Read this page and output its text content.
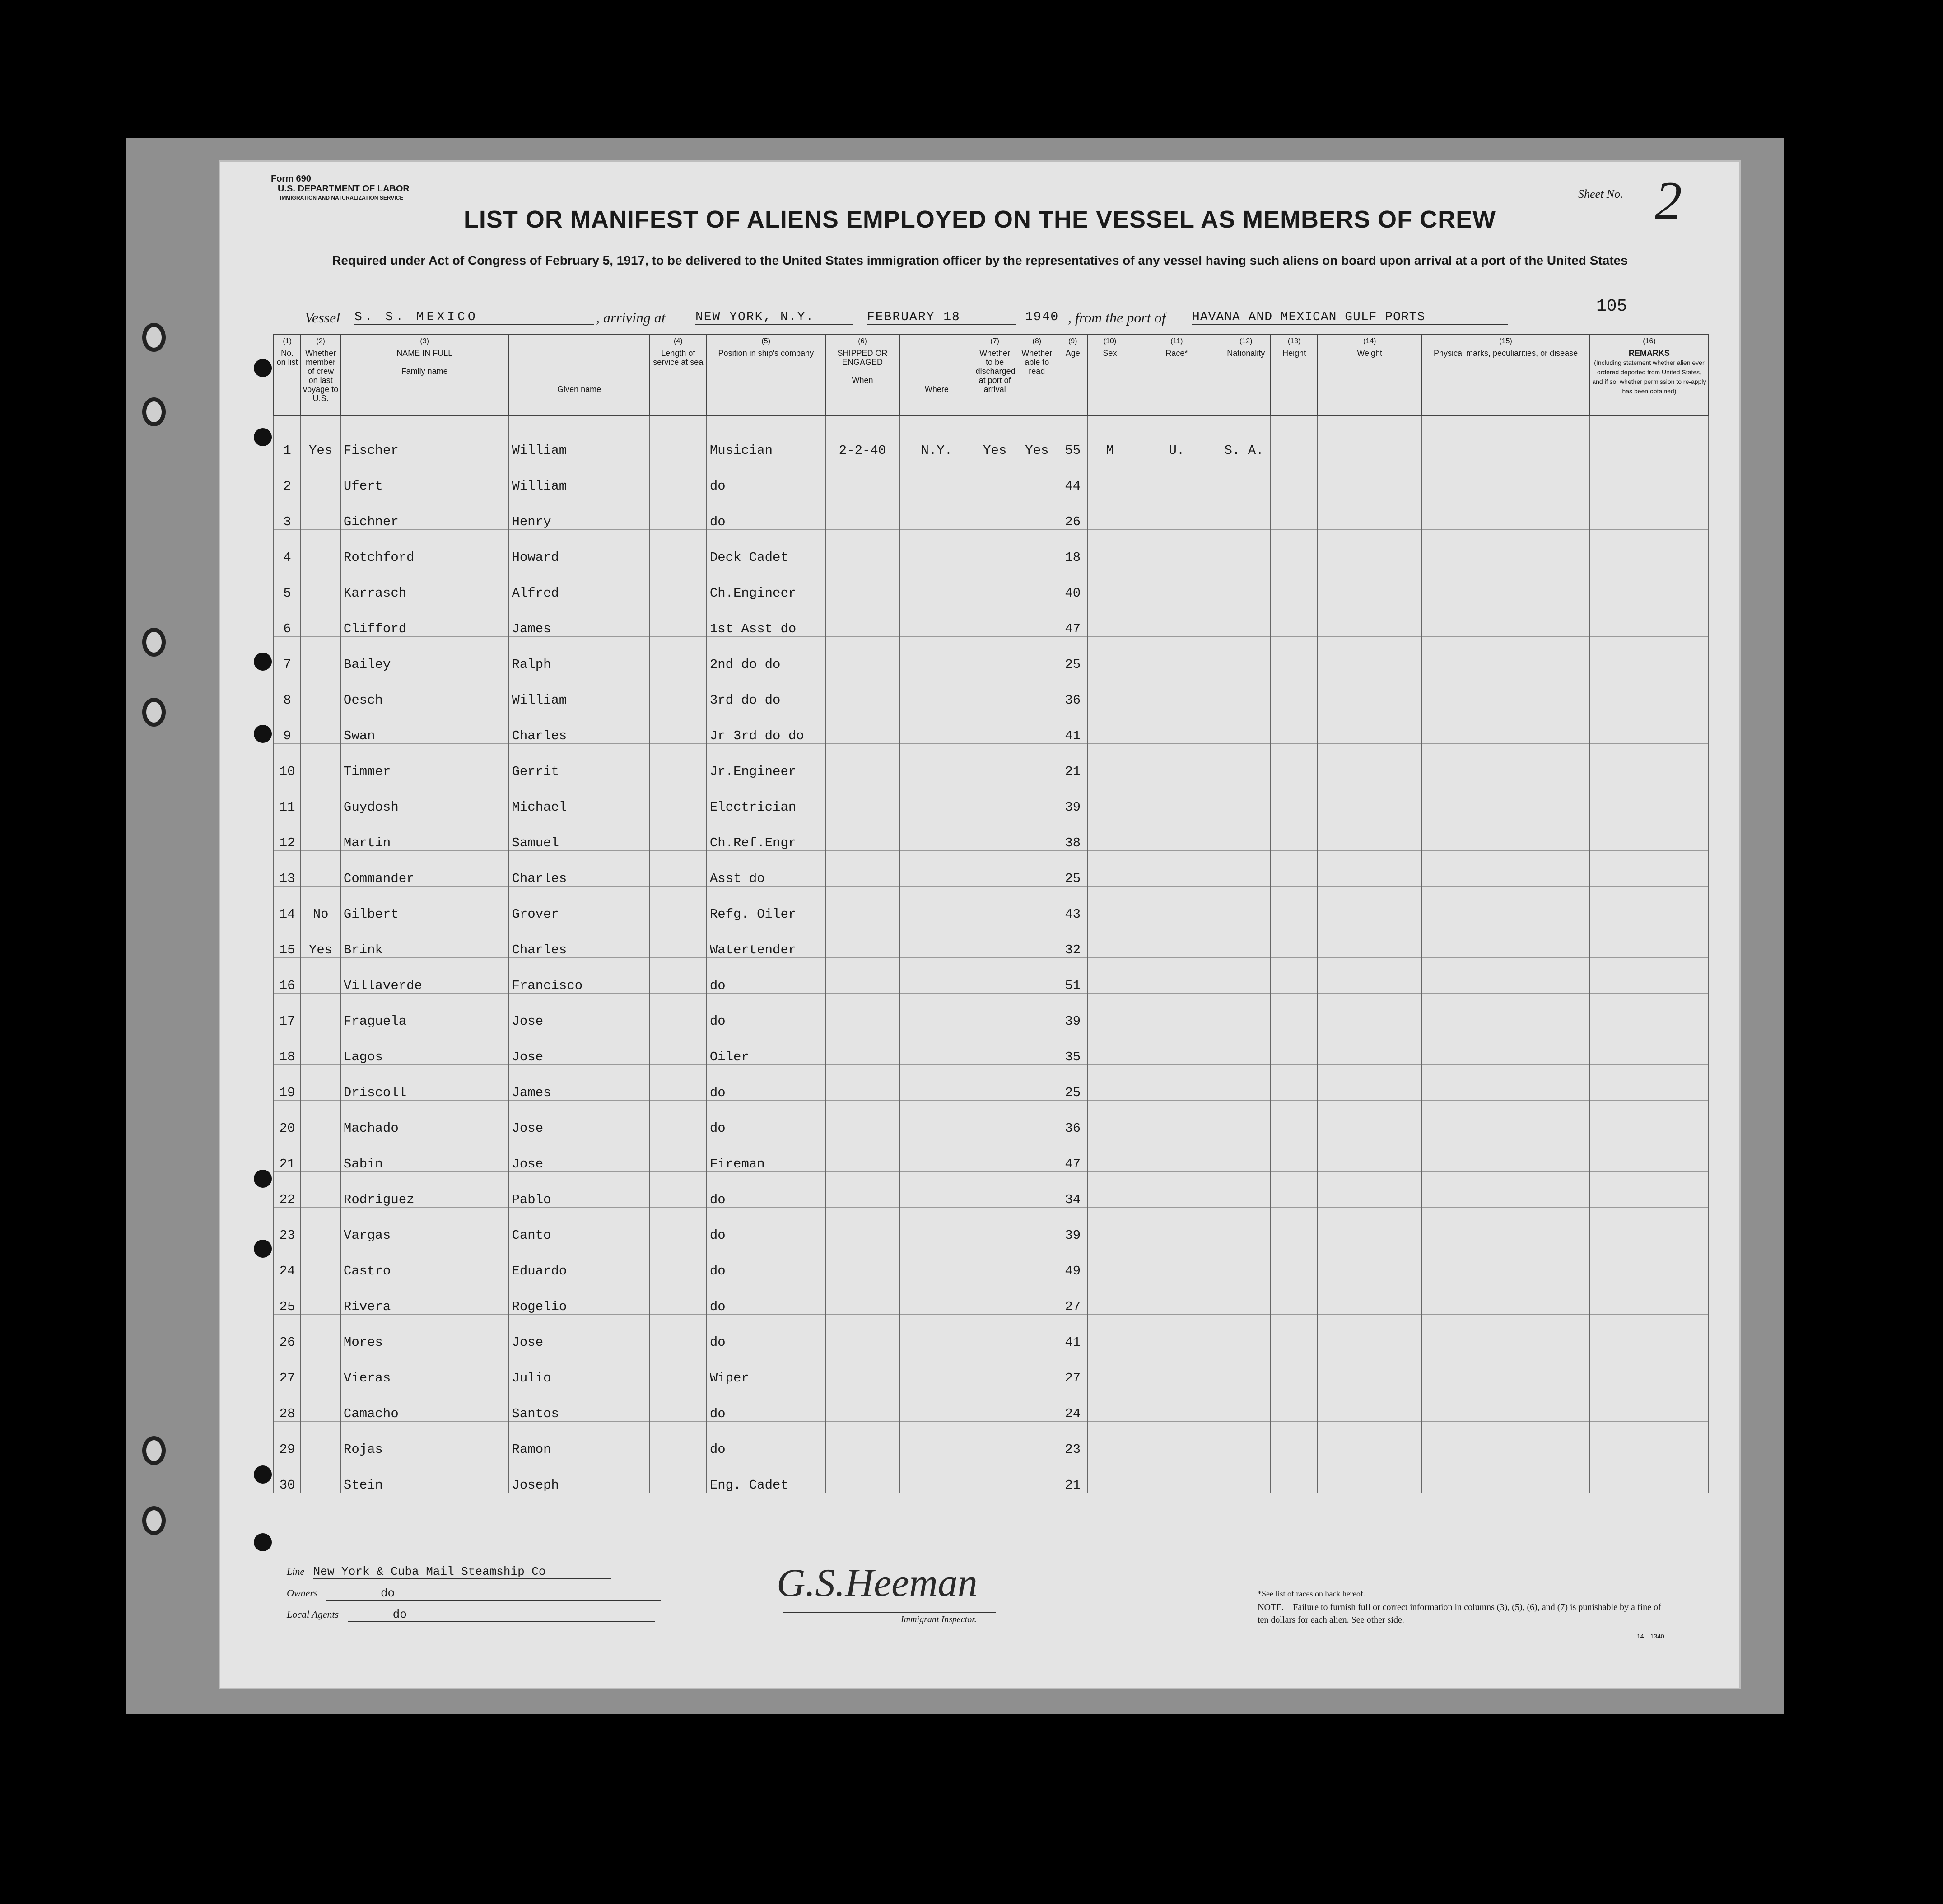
Form 690
U.S. DEPARTMENT OF LABOR
IMMIGRATION AND NATURALIZATION SERVICE	Sheet No. 2
LIST OR MANIFEST OF ALIENS EMPLOYED ON THE VESSEL AS MEMBERS OF CREW
Required under Act of Congress of February 5, 1917, to be delivered to the United States immigration officer by the representatives of any vessel having such aliens on board upon arrival at a port of the United States
105
Vessel S. S. MEXICO	, arriving at NEW YORK, N.Y.	FEBRUARY 18	1940 , from the port of HAVANA AND MEXICAN GULF PORTS
(1)
No. on list	(2)
Whether member of crew on last voyage to U.S.	(3)
NAME IN FULL

Family name	Given name	(4)
Length of service at sea	(5)
Position in ship's company	(6)
SHIPPED OR ENGAGED

When	Where	(7)
Whether to be discharged at port of arrival	(8)
Whether able to read	(9)
Age	(10)
Sex	(11)
Race*	(12)
Nationality	(13)
Height	(14)
Weight	(15)
Physical marks, peculiarities, or disease	(16)
REMARKS
(Including statement whether alien ever ordered deported from United States, and if so, whether permission to re-apply has been obtained)
1	Yes	Fischer	William		Musician	2-2-40	N.Y.	Yes	Yes	55	M	U.	S. A.				
2		Ufert	William		do					44							
3		Gichner	Henry		do					26							
4		Rotchford	Howard		Deck Cadet					18							
5		Karrasch	Alfred		Ch.Engineer					40							
6		Clifford	James		1st Asst do					47							
7		Bailey	Ralph		2nd do do					25							
8		Oesch	William		3rd do do					36							
9		Swan	Charles		Jr 3rd do do					41							
10		Timmer	Gerrit		Jr.Engineer					21							
11		Guydosh	Michael		Electrician					39							
12		Martin	Samuel		Ch.Ref.Engr					38							
13		Commander	Charles		Asst do					25							
14	No	Gilbert	Grover		Refg. Oiler					43							
15	Yes	Brink	Charles		Watertender					32							
16		Villaverde	Francisco		do					51							
17		Fraguela	Jose		do					39							
18		Lagos	Jose		Oiler					35							
19		Driscoll	James		do					25							
20		Machado	Jose		do					36							
21		Sabin	Jose		Fireman					47							
22		Rodriguez	Pablo		do					34							
23		Vargas	Canto		do					39							
24		Castro	Eduardo		do					49							
25		Rivera	Rogelio		do					27							
26		Mores	Jose		do					41							
27		Vieras	Julio		Wiper					27							
28		Camacho	Santos		do					24							
29		Rojas	Ramon		do					23							
30		Stein	Joseph		Eng. Cadet					21							
Line New York & Cuba Mail Steamship Co
Owners	do
Local Agents	do
G.S.Heeman
Immigrant Inspector.
*See list of races on back hereof.
NOTE.—Failure to furnish full or correct information in columns (3), (5), (6), and (7) is punishable by a fine of ten dollars for each alien. See other side.
14—1340
